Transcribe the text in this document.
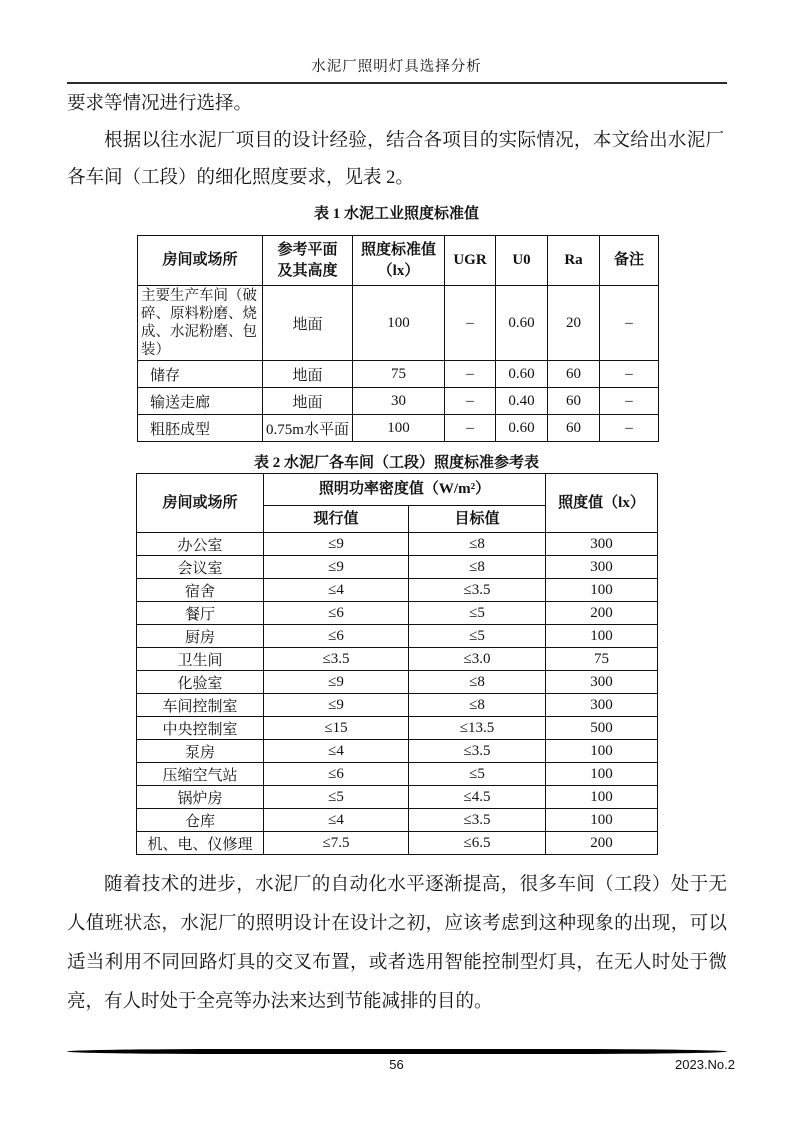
水泥厂照明灯具选择分析

要求等情况进行选择。

根据以往水泥厂项目的设计经验，结合各项目的实际情况，本文给出水泥厂各车间（工段）的细化照度要求，见表 2。

表 1 水泥工业照度标准值
房间或场所	参考平面及其高度	照度标准值（lx）	UGR	U0	Ra	备注
主要生产车间（破碎、原料粉磨、烧成、水泥粉磨、包装）	地面	100	–	0.60	20	–
储存	地面	75	–	0.60	60	–
输送走廊	地面	30	–	0.40	60	–
粗胚成型	0.75m水平面	100	–	0.60	60	–
表 2 水泥厂各车间（工段）照度标准参考表
房间或场所	照明功率密度值（W/m²）		照度值（lx）
	现行值	目标值	
办公室	≤9	≤8	300
会议室	≤9	≤8	300
宿舍	≤4	≤3.5	100
餐厅	≤6	≤5	200
厨房	≤6	≤5	100
卫生间	≤3.5	≤3.0	75
化验室	≤9	≤8	300
车间控制室	≤9	≤8	300
中央控制室	≤15	≤13.5	500
泵房	≤4	≤3.5	100
压缩空气站	≤6	≤5	100
锅炉房	≤5	≤4.5	100
仓库	≤4	≤3.5	100
机、电、仪修理	≤7.5	≤6.5	200

随着技术的进步，水泥厂的自动化水平逐渐提高，很多车间（工段）处于无人值班状态，水泥厂的照明设计在设计之初，应该考虑到这种现象的出现，可以适当利用不同回路灯具的交叉布置，或者选用智能控制型灯具，在无人时处于微亮，有人时处于全亮等办法来达到节能减排的目的。

56	2023.No.2
